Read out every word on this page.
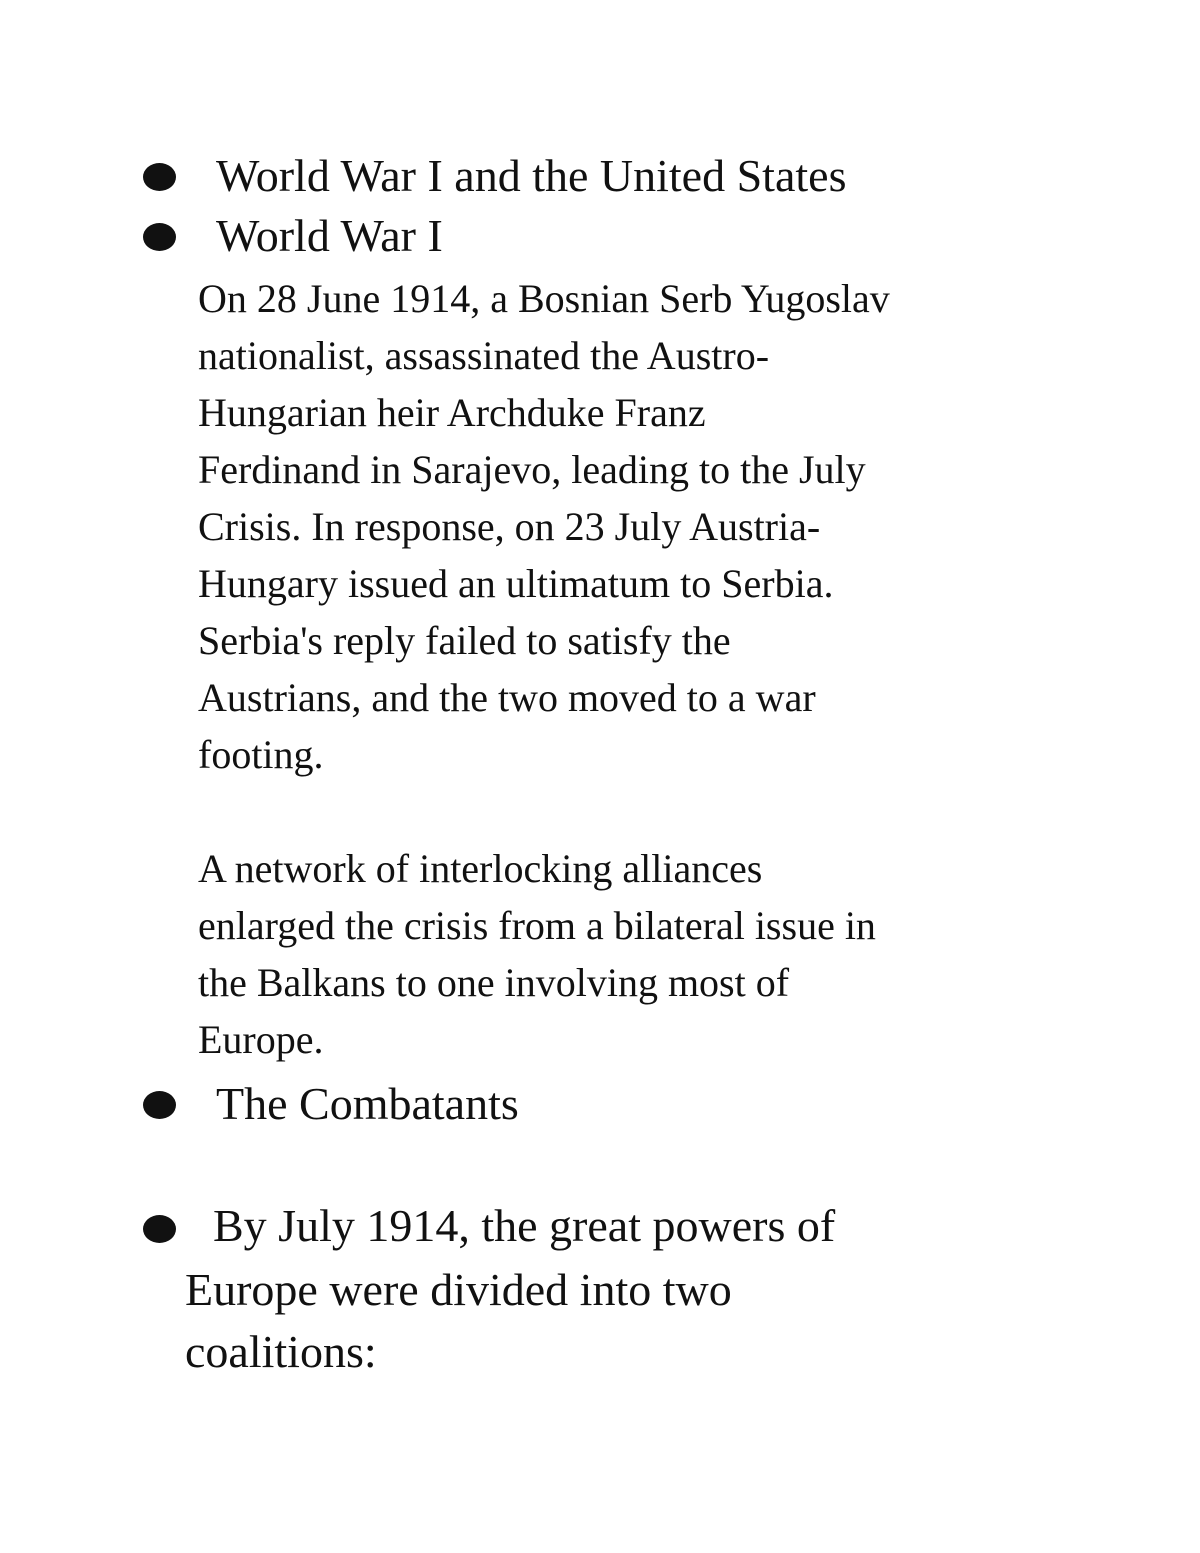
World War I and the United States
World War I

On 28 June 1914, a Bosnian Serb Yugoslav
nationalist, assassinated the Austro-
Hungarian heir Archduke Franz
Ferdinand in Sarajevo, leading to the July
Crisis. In response, on 23 July Austria-
Hungary issued an ultimatum to Serbia.
Serbia's reply failed to satisfy the
Austrians, and the two moved to a war
footing.

A network of interlocking alliances
enlarged the crisis from a bilateral issue in
the Balkans to one involving most of
Europe.

The Combatants
By July 1914, the great powers of
Europe were divided into two
coalitions:
